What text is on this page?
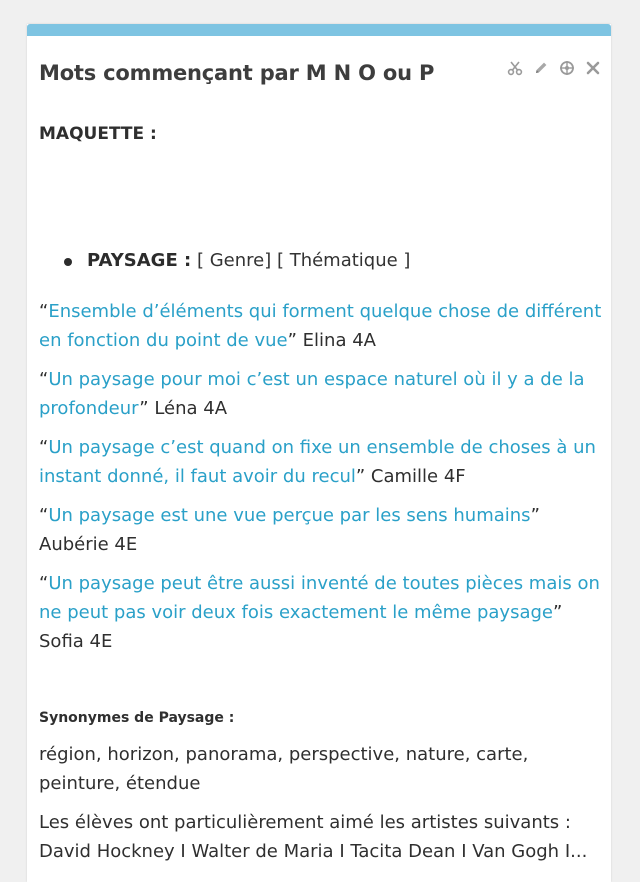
Mots commençant par M N O ou P

MAQUETTE :

PAYSAGE : [ Genre] [ Thématique ]

“Ensemble d’éléments qui forment quelque chose de différent en fonction du point de vue” Elina 4A

“Un paysage pour moi c’est un espace naturel où il y a de la profondeur” Léna 4A

“Un paysage c’est quand on fixe un ensemble de choses à un instant donné, il faut avoir du recul” Camille 4F

“Un paysage est une vue perçue par les sens humains”
Aubérie 4E

“Un paysage peut être aussi inventé de toutes pièces mais on ne peut pas voir deux fois exactement le même paysage”
Sofia 4E

Synonymes de Paysage :

région, horizon, panorama, perspective, nature, carte, peinture, étendue

Les élèves ont particulièrement aimé les artistes suivants : David Hockney I Walter de Maria I Tacita Dean I Van Gogh I...
